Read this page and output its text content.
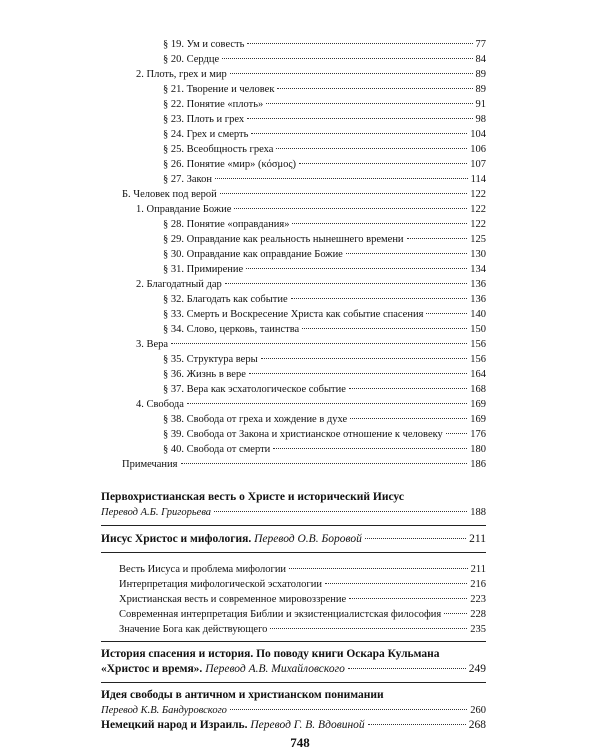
§ 19. Ум и совесть	77
§ 20. Сердце	84
2. Плоть, грех и мир	89
§ 21. Творение и человек	89
§ 22. Понятие «плоть»	91
§ 23. Плоть и грех	98
§ 24. Грех и смерть	104
§ 25. Всеобщность греха	106
§ 26. Понятие «мир» (κόσμος)	107
§ 27. Закон	114
Б. Человек под верой	122
1. Оправдание Божие	122
§ 28. Понятие «оправдания»	122
§ 29. Оправдание как реальность нынешнего времени	125
§ 30. Оправдание как оправдание Божие	130
§ 31. Примирение	134
2. Благодатный дар	136
§ 32. Благодать как событие	136
§ 33. Смерть и Воскресение Христа как событие спасения	140
§ 34. Слово, церковь, таинства	150
3. Вера	156
§ 35. Структура веры	156
§ 36. Жизнь в вере	164
§ 37. Вера как эсхатологическое событие	168
4. Свобода	169
§ 38. Свобода от греха и хождение в духе	169
§ 39. Свобода от Закона и христианское отношение к человеку	176
§ 40. Свобода от смерти	180
Примечания	186
Первохристианская весть о Христе и исторический Иисус
Перевод А.Б. Григорьева	188
Иисус Христос и мифология. Перевод О.В. Боровой	211
Весть Иисуса и проблема мифологии	211
Интерпретация мифологической эсхатологии	216
Христианская весть и современное мировоззрение	223
Современная интерпретация Библии и экзистенциалистская философия	228
Значение Бога как действующего	235
История спасения и история. По поводу книги Оскара Кульмана
«Христос и время». Перевод А.В. Михайловского	249
Идея свободы в античном и христианском понимании
Перевод К.В. Бандуровского	260
Немецкий народ и Израиль. Перевод Г. В. Вдовиной	268
748
